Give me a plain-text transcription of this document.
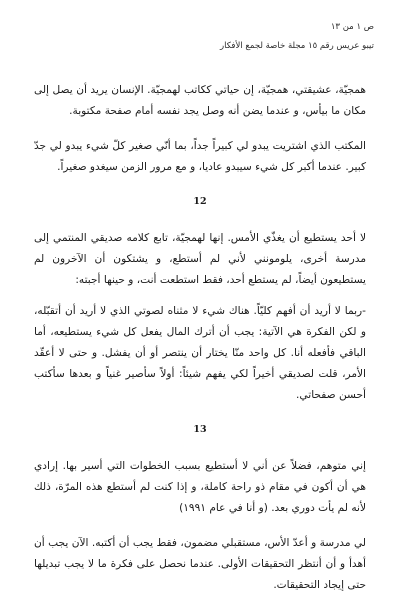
ص ١ من ١٣
تيبو عريس رقم ١٥ مجلة خاصة لجمع الأفكار

همجيّة، عشيقتي، همجيّة، إن حياتي ككاتب لهمجيّة. الإنسان يريد أن يصل إلى مكان ما بيأس، و عندما يضن أنه وصل يجد نفسه أمام صفحة مكتوبة.

المكتب الذي اشتريت يبدو لي كبيراً جداً، بما أنّي صغير كلّ شيء يبدو لي جدّ كبير. عندما أكبر كل شيء سيبدو عاديا، و مع مرور الزمن سيغدو صغيراً.

12

لا أحد يستطيع أن يغذّي الأمس. إنها لهمجيّة، تابع كلامه صديقي المنتمي إلى مدرسة أخرى، يلومونني لأني لم أستطع، و يشتكون أن الآخرون لم يستطيعون أيضاً، لم يستطع أحد، فقط استطعت أنت، و حينها أجبته:

-ربما لا أريد أن أفهم كليّاً. هناك شيء لا مثناه لصوتي الذي لا أريد أن أتقبّله، و لكن الفكرة هي الآتية: يجب أن أترك المال يفعل كل شيء يستطيعه، أما الباقي فأفعله أنا. كل واحد منّا يختار أن ينتصر أو أن يفشل. و حتى لا أعقّد الأمر، قلت لصديقي أخيراً لكي يفهم شيئاً: أولاً سأصير غنياً و بعدها سأكتب أحسن صفحاتي.

13

إني متوهم، فضلاً عن أني لا أستطيع بسبب الخطوات التي أسير بها. إرادي هي أن أكون في مقام ذو راحة كاملة، و إذا كنت لم أستطع هذه المرّة، ذلك لأنه لم يأت دوري بعد. (و أنا في عام ١٩٩١)

لي مدرسة و أعدّ الأس، مستقبلي مضمون، فقط يجب أن أكتبه. الآن يجب أن أهدأ و أن أنتظر التحقيقات الأولى. عندما نحصل على فكرة ما لا يجب تبديلها حتى إيجاد التحقيقات.
